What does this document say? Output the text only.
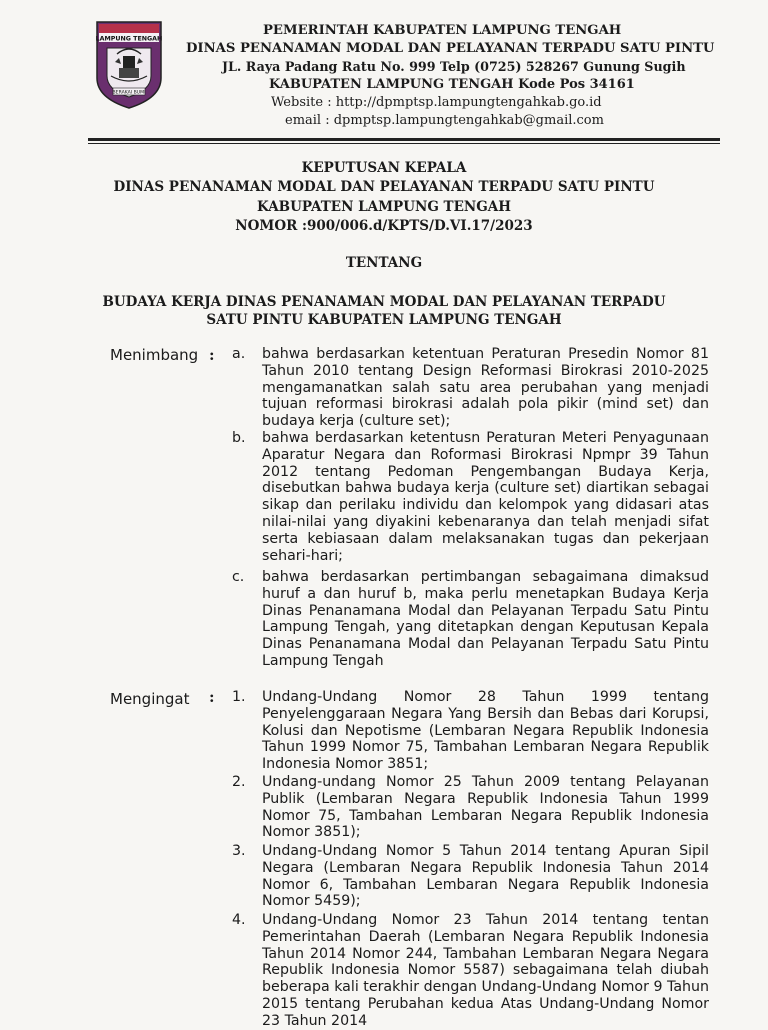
LAMPUNG TENGAH
BERAKAI BUMI
PEMERINTAH KABUPATEN LAMPUNG TENGAH
DINAS PENANAMAN MODAL DAN PELAYANAN TERPADU SATU PINTU
JL. Raya Padang Ratu No. 999 Telp (0725) 528267 Gunung Sugih
KABUPATEN LAMPUNG TENGAH Kode Pos 34161
Website : http://dpmptsp.lampungtengahkab.go.id
email : dpmptsp.lampungtengahkab@gmail.com
KEPUTUSAN KEPALA
DINAS PENANAMAN MODAL DAN PELAYANAN TERPADU SATU PINTU
KABUPATEN LAMPUNG TENGAH
NOMOR :900/006.d/KPTS/D.VI.17/2023
TENTANG
BUDAYA KERJA DINAS PENANAMAN MODAL DAN PELAYANAN TERPADU
SATU PINTU KABUPATEN LAMPUNG TENGAH
Menimbang : a. bahwa berdasarkan ketentuan Peraturan Presedin Nomor 81 Tahun 2010 tentang Design Reformasi Birokrasi 2010-2025 mengamanatkan salah satu area perubahan yang menjadi tujuan reformasi birokrasi adalah pola pikir (mind set) dan budaya kerja (culture set);

b. bahwa berdasarkan ketentusn Peraturan Meteri Penyagunaan Aparatur Negara dan Roformasi Birokrasi Npmpr 39 Tahun 2012 tentang Pedoman Pengembangan Budaya Kerja, disebutkan bahwa budaya kerja (culture set) diartikan sebagai sikap dan perilaku individu dan kelompok yang didasari atas nilai-nilai yang diyakini kebenaranya dan telah menjadi sifat serta kebiasaan dalam melaksanakan tugas dan pekerjaan sehari-hari;

c. bahwa berdasarkan pertimbangan sebagaimana dimaksud huruf a dan huruf b, maka perlu menetapkan Budaya Kerja Dinas Penanamana Modal dan Pelayanan Terpadu Satu Pintu Lampung Tengah, yang ditetapkan dengan Keputusan Kepala Dinas Penanamana Modal dan Pelayanan Terpadu Satu Pintu Lampung Tengah

Mengingat : 1. Undang-Undang Nomor 28 Tahun 1999 tentang Penyelenggaraan Negara Yang Bersih dan Bebas dari Korupsi, Kolusi dan Nepotisme (Lembaran Negara Republik Indonesia Tahun 1999 Nomor 75, Tambahan Lembaran Negara Republik Indonesia Nomor 3851;

2. Undang-undang Nomor 25 Tahun 2009 tentang Pelayanan Publik (Lembaran Negara Republik Indonesia Tahun 1999 Nomor 75, Tambahan Lembaran Negara Republik Indonesia Nomor 3851);

3. Undang-Undang Nomor 5 Tahun 2014 tentang Apuran Sipil Negara (Lembaran Negara Republik Indonesia Tahun 2014 Nomor 6, Tambahan Lembaran Negara Republik Indonesia Nomor 5459);

4. Undang-Undang Nomor 23 Tahun 2014 tentang tentan Pemerintahan Daerah (Lembaran Negara Republik Indonesia Tahun 2014 Nomor 244, Tambahan Lembaran Negara Negara Republik Indonesia Nomor 5587) sebagaimana telah diubah beberapa kali terakhir dengan Undang-Undang Nomor 9 Tahun 2015 tentang Perubahan kedua Atas Undang-Undang Nomor 23 Tahun 2014
